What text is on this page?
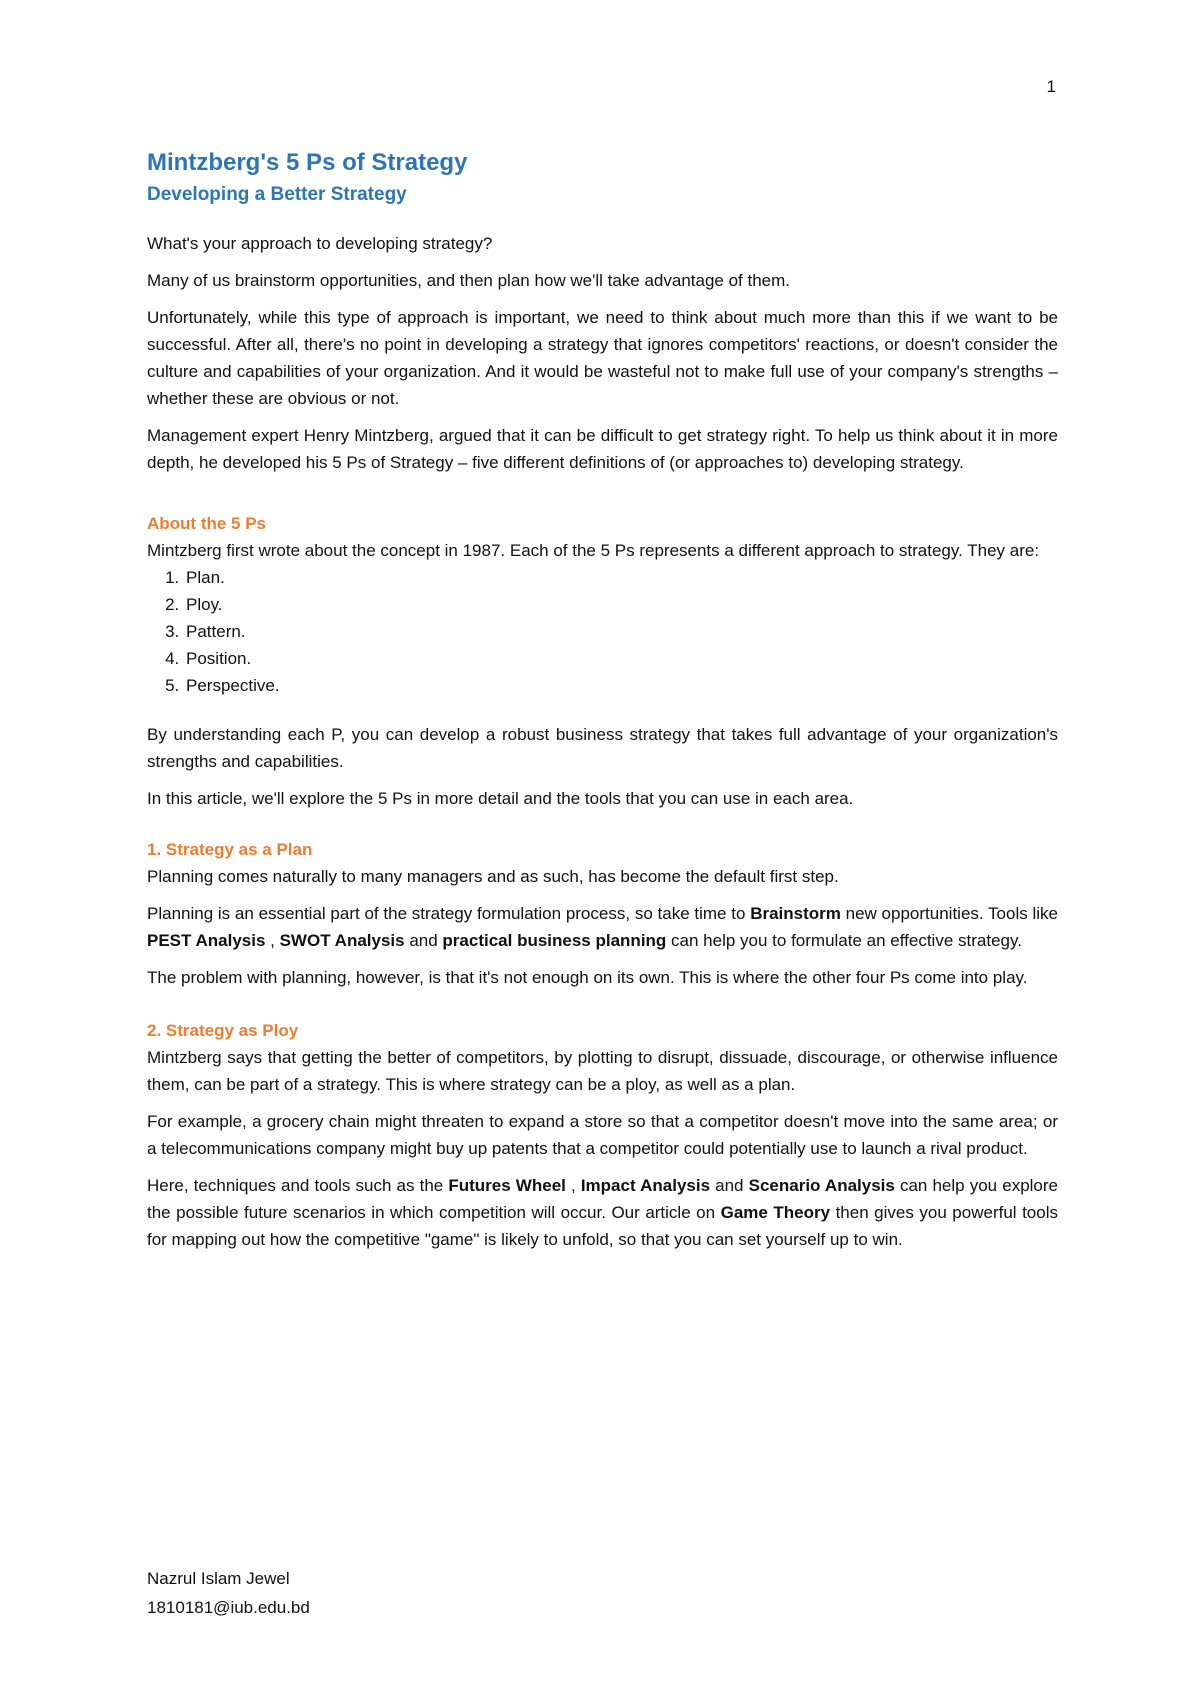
1
Mintzberg's 5 Ps of Strategy
Developing a Better Strategy

What's your approach to developing strategy?

Many of us brainstorm opportunities, and then plan how we'll take advantage of them.

Unfortunately, while this type of approach is important, we need to think about much more than this if we want to be successful. After all, there's no point in developing a strategy that ignores competitors' reactions, or doesn't consider the culture and capabilities of your organization. And it would be wasteful not to make full use of your company's strengths – whether these are obvious or not.

Management expert Henry Mintzberg, argued that it can be difficult to get strategy right. To help us think about it in more depth, he developed his 5 Ps of Strategy – five different definitions of (or approaches to) developing strategy.

About the 5 Ps

Mintzberg first wrote about the concept in 1987. Each of the 5 Ps represents a different approach to strategy. They are:

1. Plan.
2. Ploy.
3. Pattern.
4. Position.
5. Perspective.

By understanding each P, you can develop a robust business strategy that takes full advantage of your organization's strengths and capabilities.

In this article, we'll explore the 5 Ps in more detail and the tools that you can use in each area.

1. Strategy as a Plan

Planning comes naturally to many managers and as such, has become the default first step.

Planning is an essential part of the strategy formulation process, so take time to Brainstorm new opportunities. Tools like PEST Analysis , SWOT Analysis and practical business planning can help you to formulate an effective strategy.

The problem with planning, however, is that it's not enough on its own. This is where the other four Ps come into play.

2. Strategy as Ploy

Mintzberg says that getting the better of competitors, by plotting to disrupt, dissuade, discourage, or otherwise influence them, can be part of a strategy. This is where strategy can be a ploy, as well as a plan.

For example, a grocery chain might threaten to expand a store so that a competitor doesn't move into the same area; or a telecommunications company might buy up patents that a competitor could potentially use to launch a rival product.

Here, techniques and tools such as the Futures Wheel , Impact Analysis and Scenario Analysis can help you explore the possible future scenarios in which competition will occur. Our article on Game Theory then gives you powerful tools for mapping out how the competitive "game" is likely to unfold, so that you can set yourself up to win.

Nazrul Islam Jewel
1810181@iub.edu.bd
